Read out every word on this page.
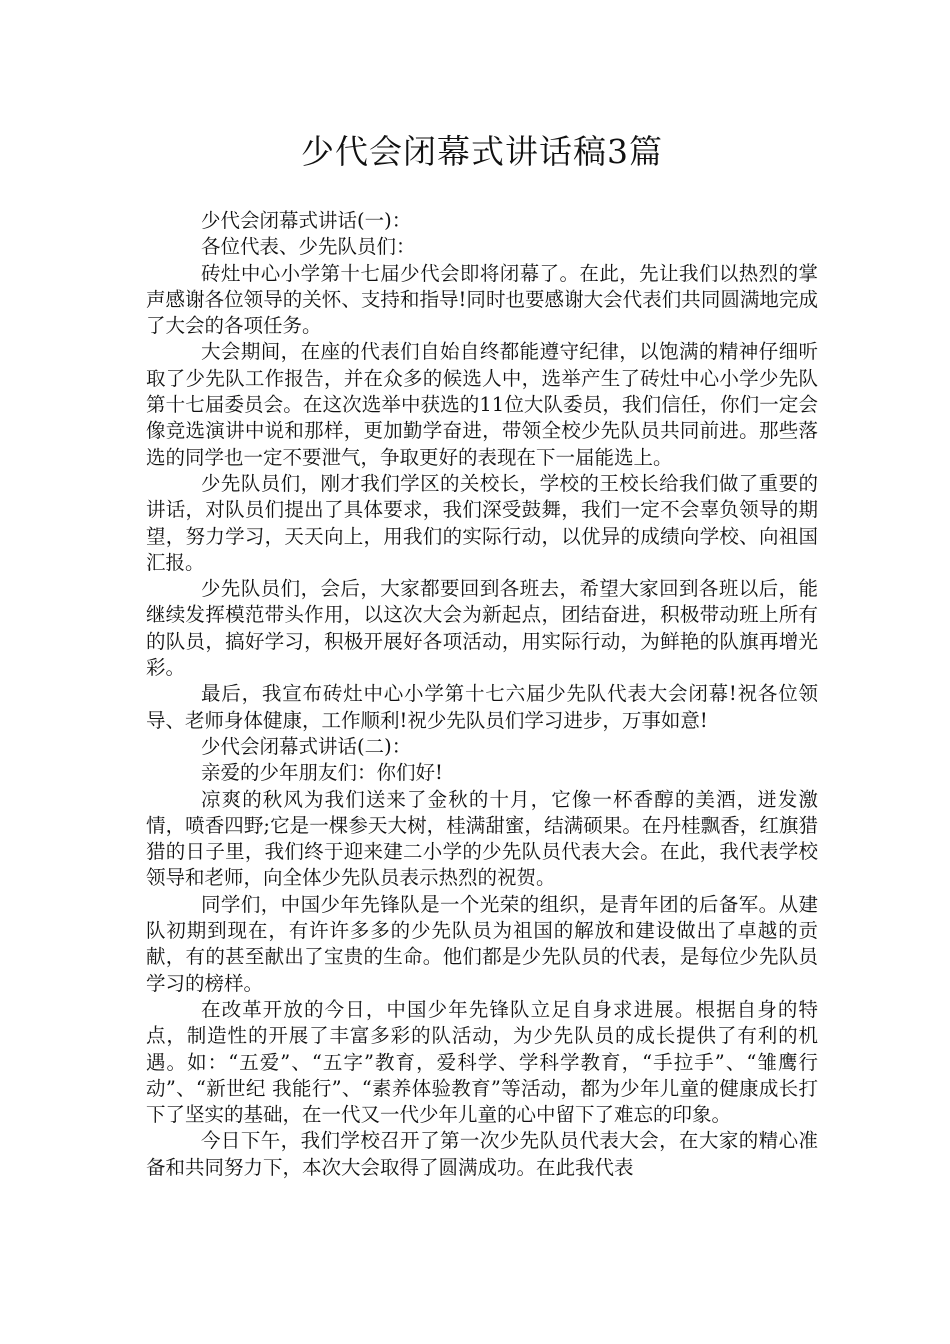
少代会闭幕式讲话稿3篇

少代会闭幕式讲话(一)：

各位代表、少先队员们：

砖灶中心小学第十七届少代会即将闭幕了。在此，先让我们以热烈的掌声感谢各位领导的关怀、支持和指导!同时也要感谢大会代表们共同圆满地完成了大会的各项任务。

大会期间，在座的代表们自始自终都能遵守纪律，以饱满的精神仔细听取了少先队工作报告，并在众多的候选人中，选举产生了砖灶中心小学少先队第十七届委员会。在这次选举中获选的11位大队委员，我们信任，你们一定会像竞选演讲中说和那样，更加勤学奋进，带领全校少先队员共同前进。那些落选的同学也一定不要泄气，争取更好的表现在下一届能选上。

少先队员们，刚才我们学区的关校长，学校的王校长给我们做了重要的讲话，对队员们提出了具体要求，我们深受鼓舞，我们一定不会辜负领导的期望，努力学习，天天向上，用我们的实际行动，以优异的成绩向学校、向祖国汇报。

少先队员们，会后，大家都要回到各班去，希望大家回到各班以后，能继续发挥模范带头作用，以这次大会为新起点，团结奋进，积极带动班上所有的队员，搞好学习，积极开展好各项活动，用实际行动，为鲜艳的队旗再增光彩。

最后，我宣布砖灶中心小学第十七六届少先队代表大会闭幕!祝各位领导、老师身体健康，工作顺利!祝少先队员们学习进步，万事如意!

少代会闭幕式讲话(二)：

亲爱的少年朋友们：你们好!

凉爽的秋风为我们送来了金秋的十月，它像一杯香醇的美酒，迸发激情，喷香四野;它是一棵参天大树，桂满甜蜜，结满硕果。在丹桂飘香，红旗猎猎的日子里，我们终于迎来建二小学的少先队员代表大会。在此，我代表学校领导和老师，向全体少先队员表示热烈的祝贺。

同学们，中国少年先锋队是一个光荣的组织，是青年团的后备军。从建队初期到现在，有许许多多的少先队员为祖国的解放和建设做出了卓越的贡献，有的甚至献出了宝贵的生命。他们都是少先队员的代表，是每位少先队员学习的榜样。

在改革开放的今日，中国少年先锋队立足自身求进展。根据自身的特点，制造性的开展了丰富多彩的队活动，为少先队员的成长提供了有利的机遇。如：“五爱”、“五字”教育，爱科学、学科学教育，“手拉手”、“雏鹰行动”、“新世纪 我能行”、“素养体验教育”等活动，都为少年儿童的健康成长打下了坚实的基础，在一代又一代少年儿童的心中留下了难忘的印象。

今日下午，我们学校召开了第一次少先队员代表大会，在大家的精心准备和共同努力下，本次大会取得了圆满成功。在此我代表
